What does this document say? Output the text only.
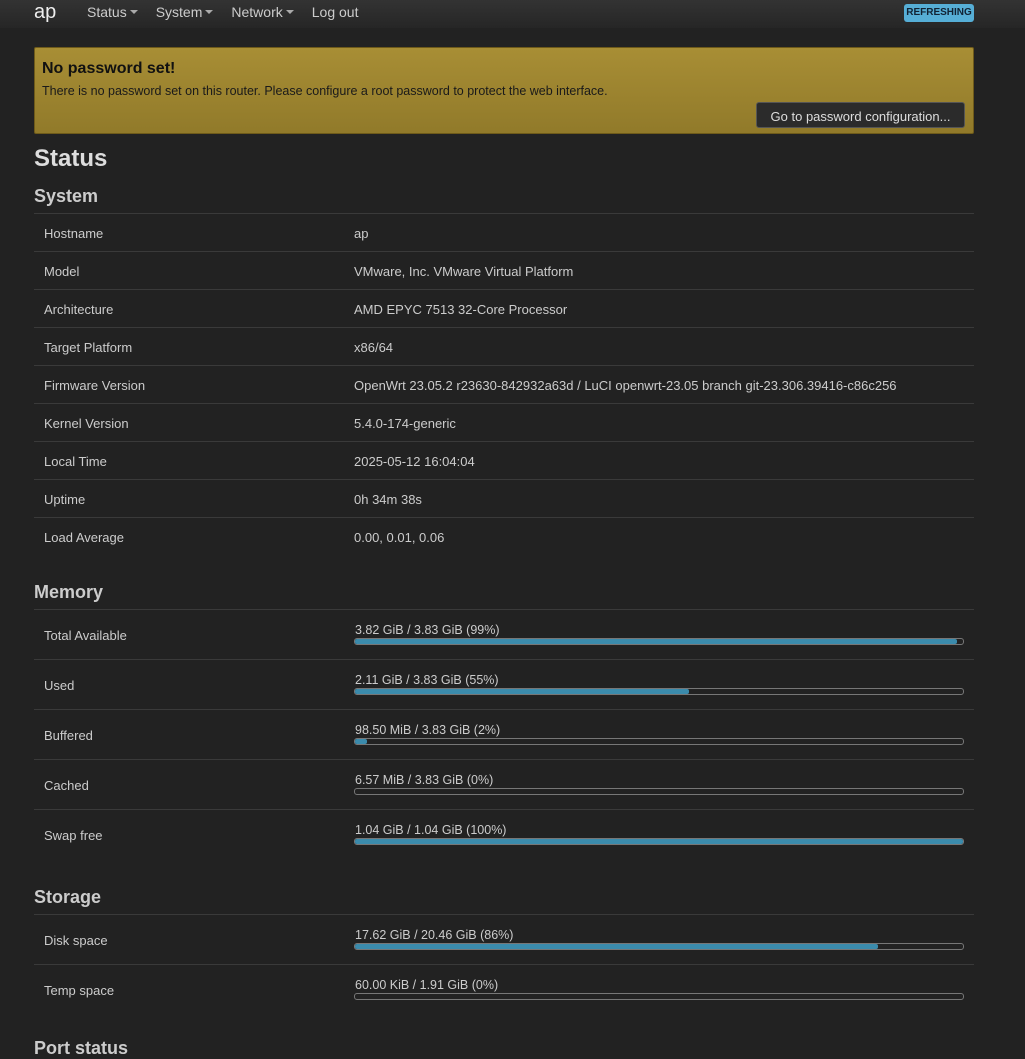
ap	Status	System	Network	Log out	REFRESHING
No password set!
There is no password set on this router. Please configure a root password to protect the web interface.
Go to password configuration...
Status
System
Hostname	ap
Model	VMware, Inc. VMware Virtual Platform
Architecture	AMD EPYC 7513 32-Core Processor
Target Platform	x86/64
Firmware Version	OpenWrt 23.05.2 r23630-842932a63d / LuCI openwrt-23.05 branch git-23.306.39416-c86c256
Kernel Version	5.4.0-174-generic
Local Time	2025-05-12 16:04:04
Uptime	0h 34m 38s
Load Average	0.00, 0.01, 0.06
Memory
Total Available	3.82 GiB / 3.83 GiB (99%)
Used	2.11 GiB / 3.83 GiB (55%)
Buffered	98.50 MiB / 3.83 GiB (2%)
Cached	6.57 MiB / 3.83 GiB (0%)
Swap free	1.04 GiB / 1.04 GiB (100%)
Storage
Disk space	17.62 GiB / 20.46 GiB (86%)
Temp space	60.00 KiB / 1.91 GiB (0%)
Port status
